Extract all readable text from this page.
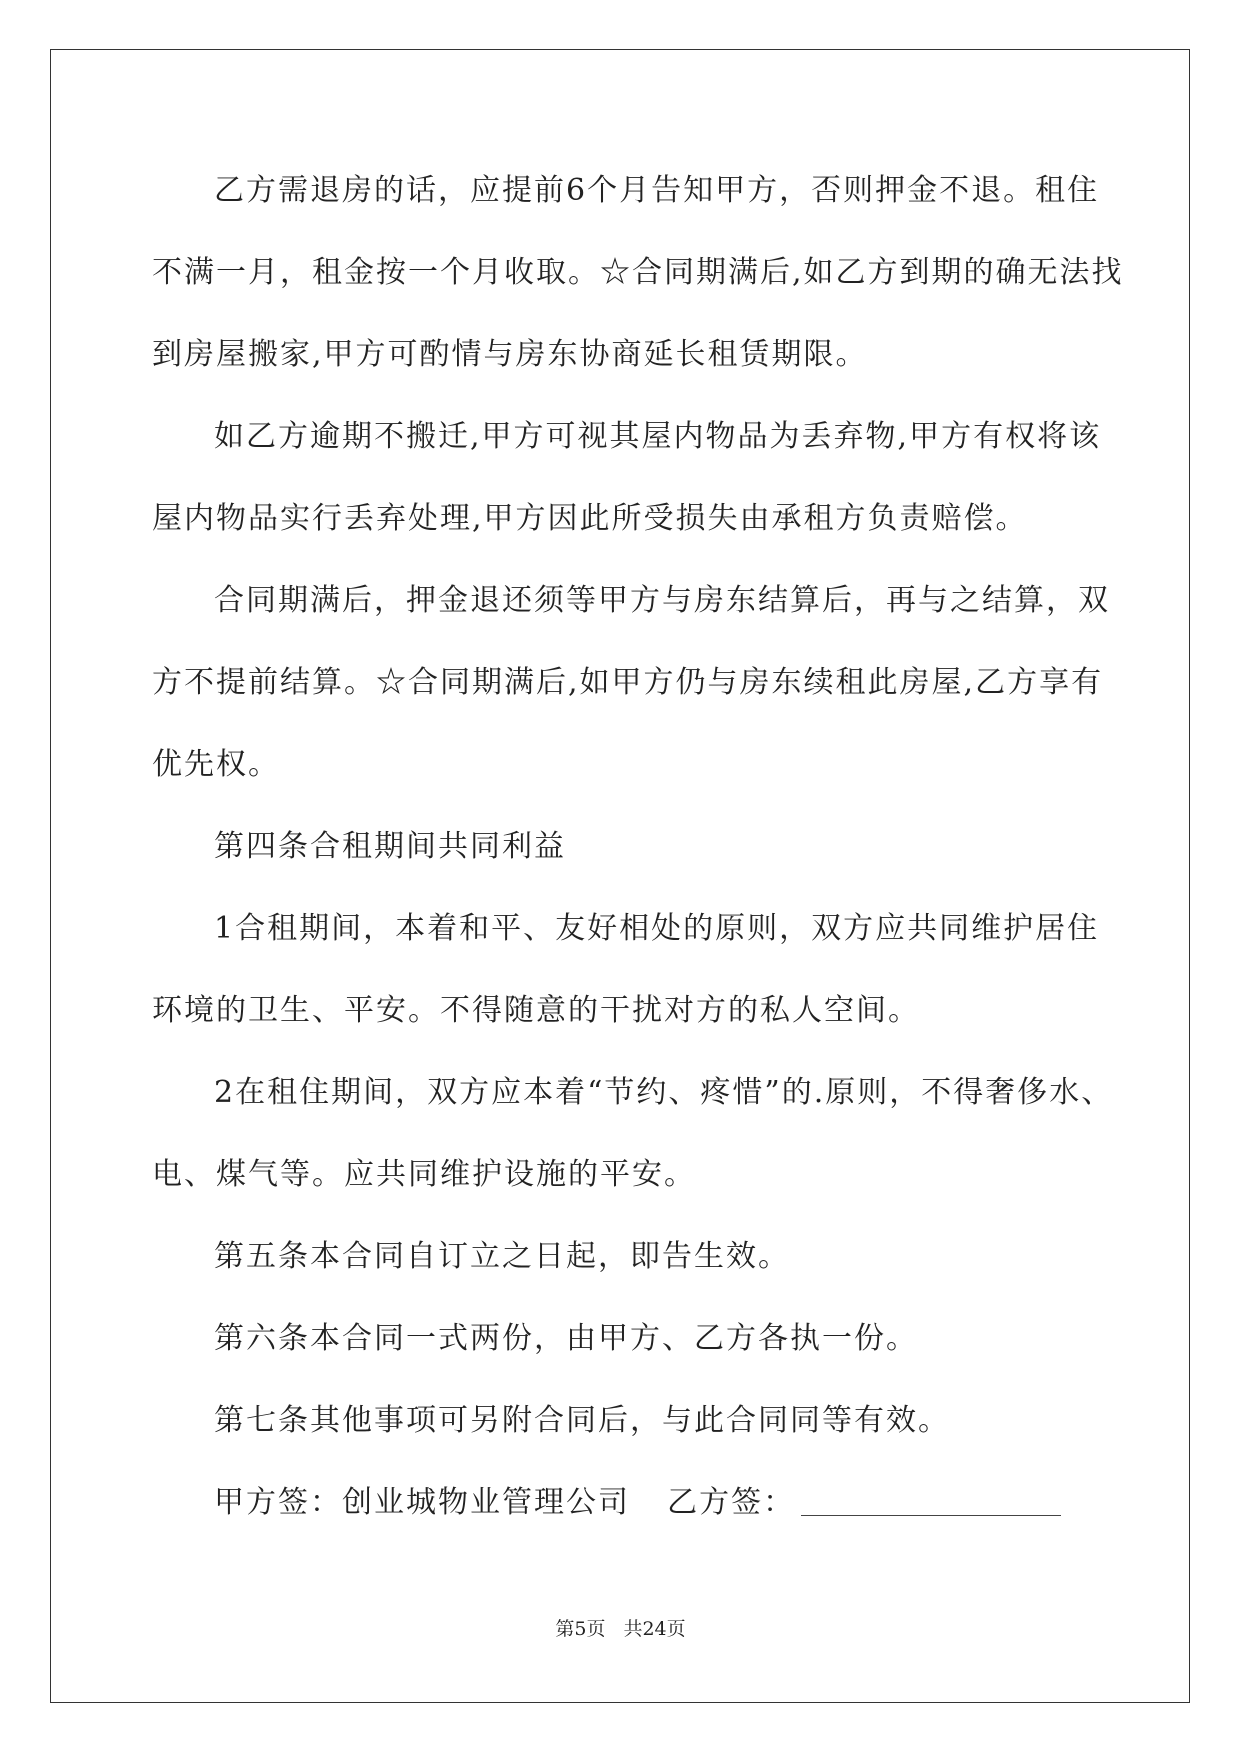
乙方需退房的话，应提前6个月告知甲方，否则押金不退。租住
不满一月，租金按一个月收取。☆合同期满后,如乙方到期的确无法找
到房屋搬家,甲方可酌情与房东协商延长租赁期限。
如乙方逾期不搬迁,甲方可视其屋内物品为丢弃物,甲方有权将该
屋内物品实行丢弃处理,甲方因此所受损失由承租方负责赔偿。
合同期满后，押金退还须等甲方与房东结算后，再与之结算，双
方不提前结算。☆合同期满后,如甲方仍与房东续租此房屋,乙方享有
优先权。
第四条合租期间共同利益
1合租期间，本着和平、友好相处的原则，双方应共同维护居住
环境的卫生、平安。不得随意的干扰对方的私人空间。
2在租住期间，双方应本着“节约、疼惜”的.原则，不得奢侈水、
电、煤气等。应共同维护设施的平安。
第五条本合同自订立之日起，即告生效。
第六条本合同一式两份，由甲方、乙方各执一份。
第七条其他事项可另附合同后，与此合同同等有效。
甲方签：创业城物业管理公司 乙方签：
第5页 共24页
